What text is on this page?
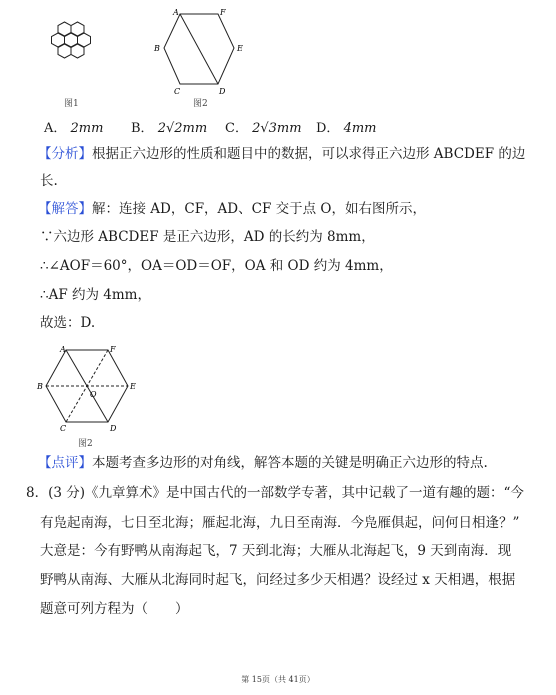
图1
A	F
B	E
C	D
图2
A． 2mm B． 2√2mm C． 2√3mm D． 4mm
【分析】根据正六边形的性质和题目中的数据，可以求得正六边形 ABCDEF 的边
长.
【解答】解：连接 AD，CF，AD、CF 交于点 O，如右图所示，
∵六边形 ABCDEF 是正六边形，AD 的长约为 8mm，
∴∠AOF＝60°，OA＝OD＝OF，OA 和 OD 约为 4mm，
∴AF 约为 4mm，
故选：D.
A	F
B	E
O
C	D
图2
【点评】本题考查多边形的对角线，解答本题的关键是明确正六边形的特点.
8．(3 分)《九章算术》是中国古代的一部数学专著，其中记载了一道有趣的题：“今
有凫起南海，七日至北海；雁起北海，九日至南海．今凫雁俱起，问何日相逢？”
大意是：今有野鸭从南海起飞，7 天到北海；大雁从北海起飞，9 天到南海．现
野鸭从南海、大雁从北海同时起飞，问经过多少天相遇？设经过 x 天相遇，根据
题意可列方程为（　　）
第 15页（共 41页）
